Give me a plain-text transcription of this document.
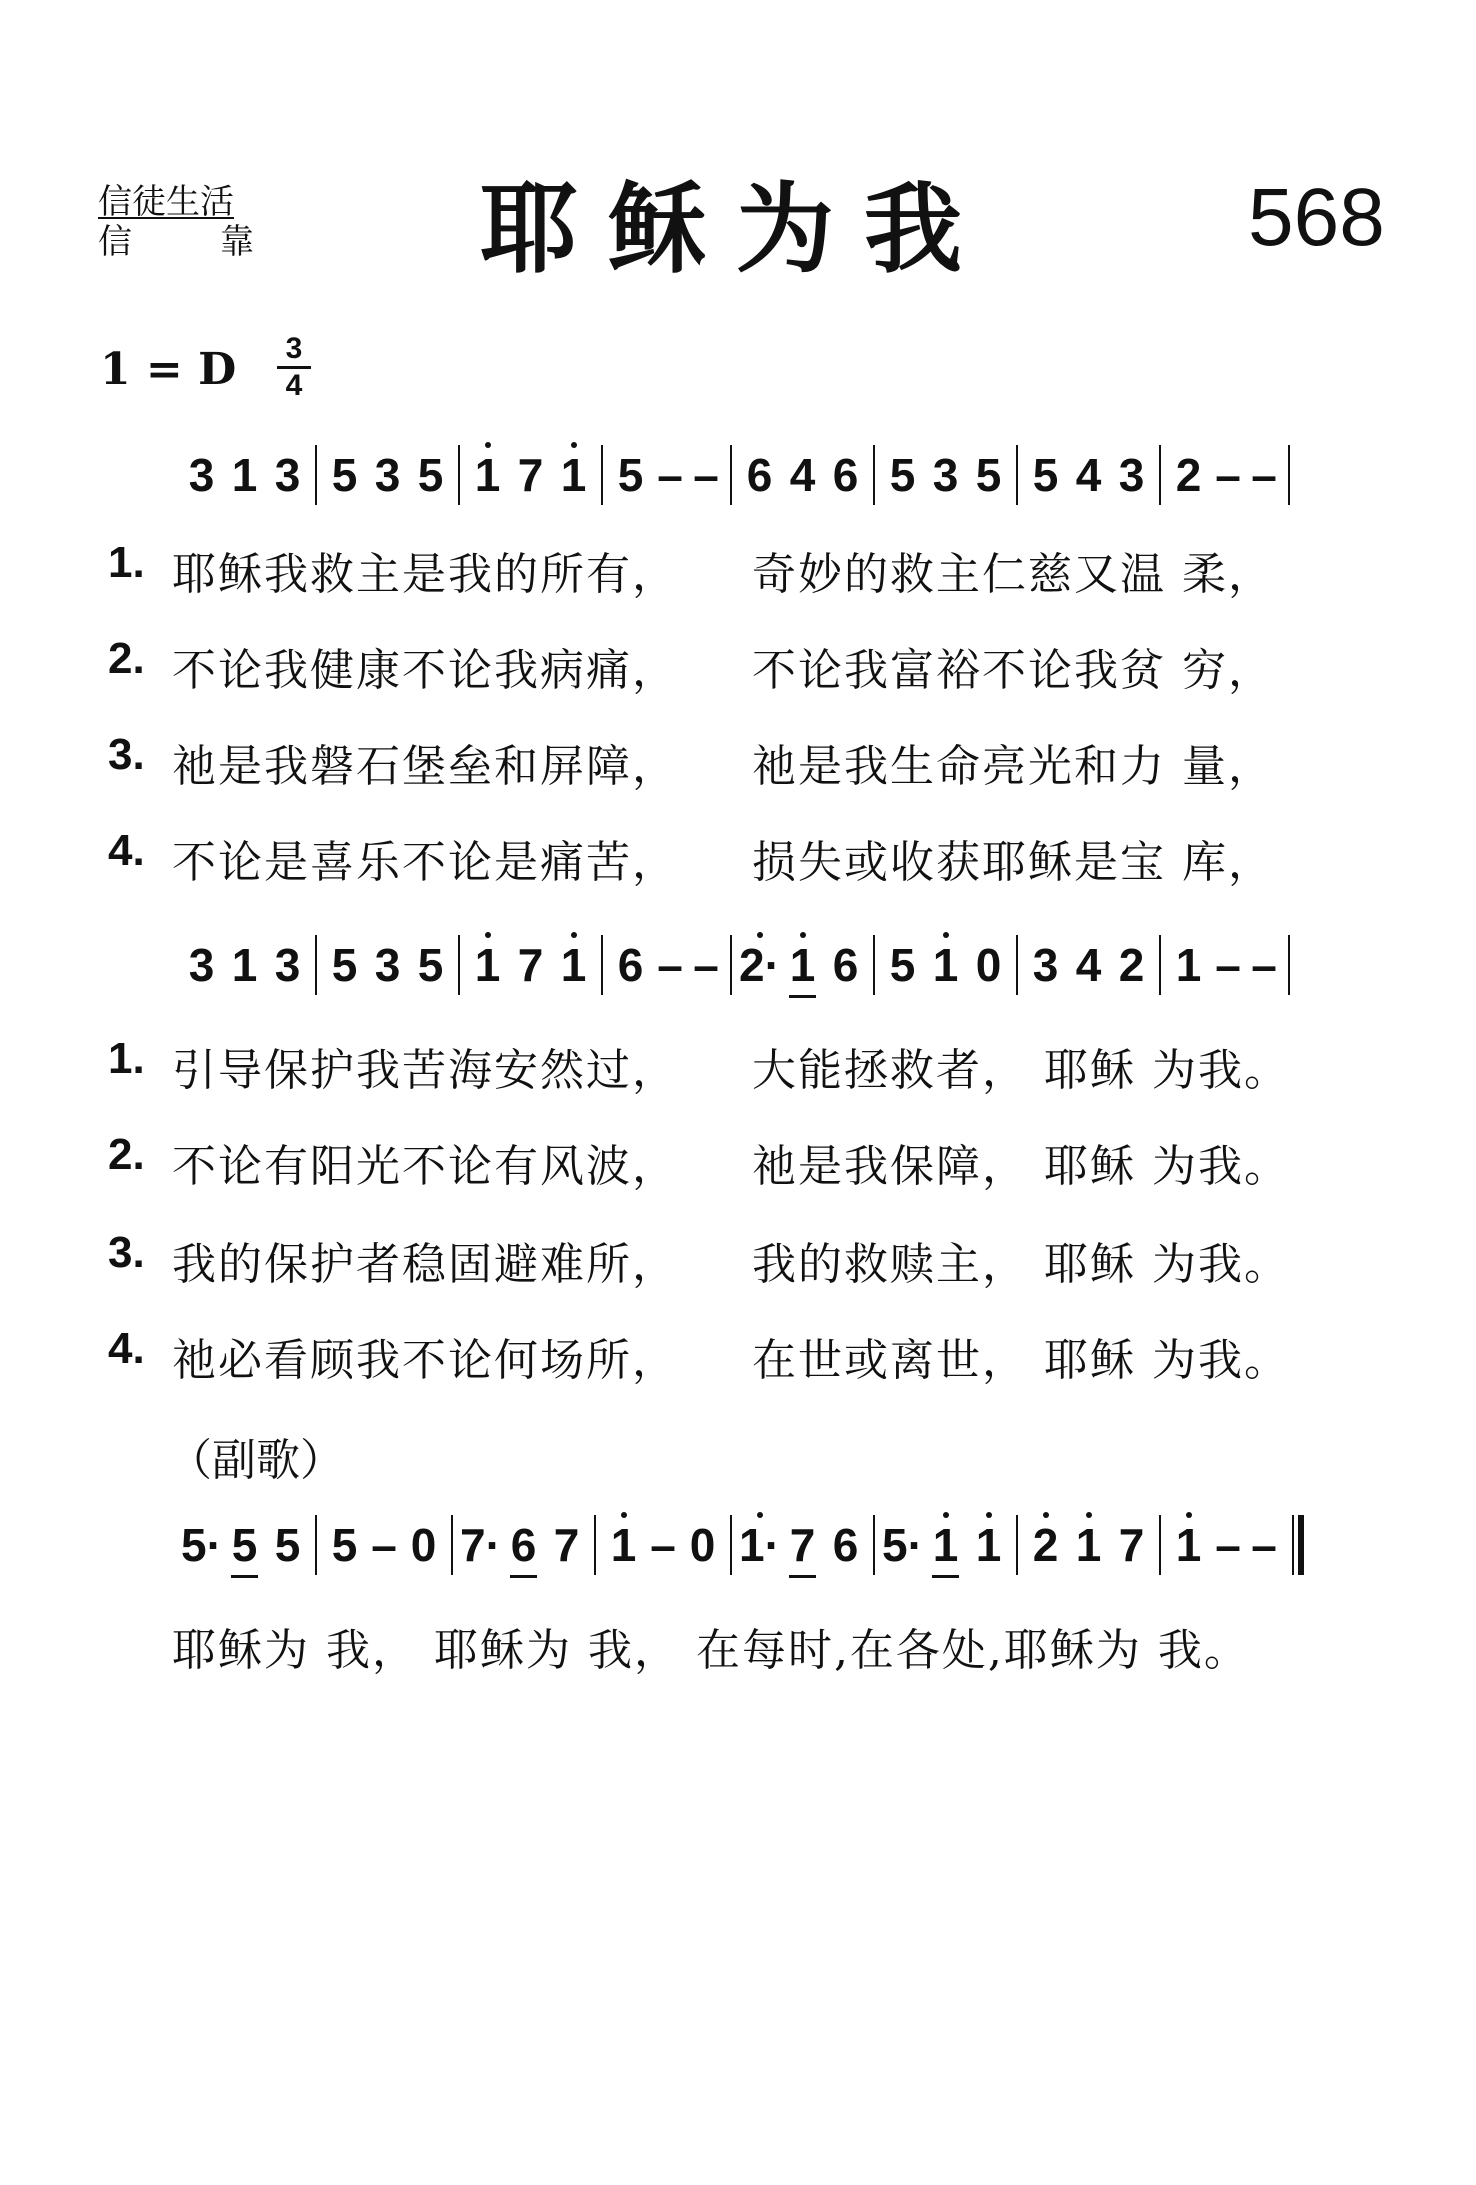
信徒生活
信靠 耶稣为我	568
1 = D 3
4
3 1 3 5 3 5 1 7 1 5 – – 6 4 6 5 3 5 5 4 3 2 – –
1. 耶稣我救主是我的所有，	奇妙的救主仁慈又温 柔，
2. 不论我健康不论我病痛，	不论我富裕不论我贫 穷，
3. 祂是我磐石堡垒和屏障，	祂是我生命亮光和力 量，
4. 不论是喜乐不论是痛苦，	损失或收获耶稣是宝 库，
3 1 3 5 3 5 1 7 1 6 – – 2· 1 6 5 1 0 3 4 2 1 – –
1. 引导保护我苦海安然过，	大能拯救者， 耶稣 为我。
2. 不论有阳光不论有风波，	祂是我保障， 耶稣 为我。
3. 我的保护者稳固避难所，	我的救赎主， 耶稣 为我。
4. 祂必看顾我不论何场所，	在世或离世， 耶稣 为我。
（副歌）
5· 5 5 5 – 0 7· 6 7 1 – 0 1· 7 6 5· 1 1 2 1 7 1 – –
耶稣为 我， 耶稣为 我， 在每时,在各处,耶稣为 我。
